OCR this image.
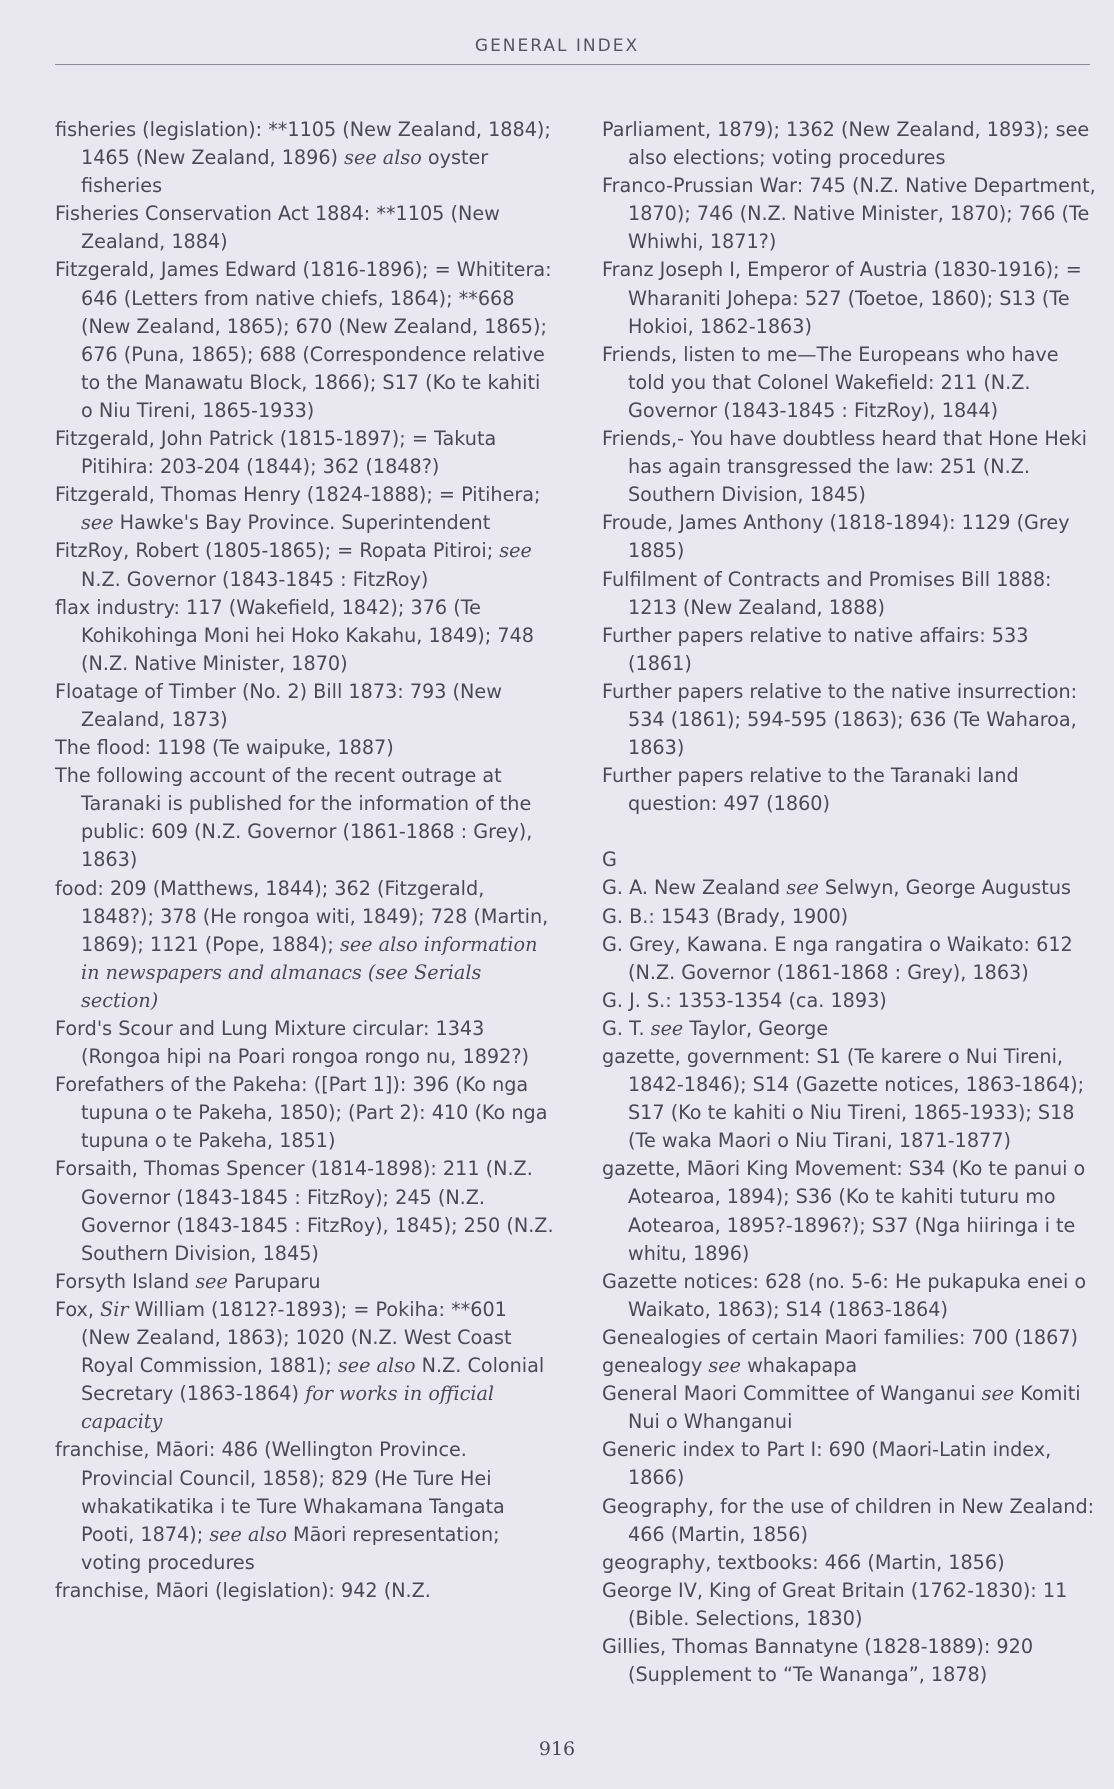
GENERAL INDEX
fisheries (legislation): **1105 (New Zealand, 1884); 1465 (New Zealand, 1896) see also oyster fisheries
Fisheries Conservation Act 1884: **1105 (New Zealand, 1884)
Fitzgerald, James Edward (1816-1896); = Whititera: 646 (Letters from native chiefs, 1864); **668 (New Zealand, 1865); 670 (New Zealand, 1865); 676 (Puna, 1865); 688 (Correspondence relative to the Manawatu Block, 1866); S17 (Ko te kahiti o Niu Tireni, 1865-1933)
Fitzgerald, John Patrick (1815-1897); = Takuta Pitihira: 203-204 (1844); 362 (1848?)
Fitzgerald, Thomas Henry (1824-1888); = Pitihera; see Hawke's Bay Province. Superintendent
FitzRoy, Robert (1805-1865); = Ropata Pitiroi; see N.Z. Governor (1843-1845 : FitzRoy)
flax industry: 117 (Wakefield, 1842); 376 (Te Kohikohinga Moni hei Hoko Kakahu, 1849); 748 (N.Z. Native Minister, 1870)
Floatage of Timber (No. 2) Bill 1873: 793 (New Zealand, 1873)
The flood: 1198 (Te waipuke, 1887)
The following account of the recent outrage at Taranaki is published for the information of the public: 609 (N.Z. Governor (1861-1868 : Grey), 1863)
food: 209 (Matthews, 1844); 362 (Fitzgerald, 1848?); 378 (He rongoa witi, 1849); 728 (Martin, 1869); 1121 (Pope, 1884); see also information in newspapers and almanacs (see Serials section)
Ford's Scour and Lung Mixture circular: 1343 (Rongoa hipi na Poari rongoa rongo nu, 1892?)
Forefathers of the Pakeha: ([Part 1]): 396 (Ko nga tupuna o te Pakeha, 1850); (Part 2): 410 (Ko nga tupuna o te Pakeha, 1851)
Forsaith, Thomas Spencer (1814-1898): 211 (N.Z. Governor (1843-1845 : FitzRoy); 245 (N.Z. Governor (1843-1845 : FitzRoy), 1845); 250 (N.Z. Southern Division, 1845)
Forsyth Island see Paruparu
Fox, Sir William (1812?-1893); = Pokiha: **601 (New Zealand, 1863); 1020 (N.Z. West Coast Royal Commission, 1881); see also N.Z. Colonial Secretary (1863-1864) for works in official capacity
franchise, Māori: 486 (Wellington Province. Provincial Council, 1858); 829 (He Ture Hei whakatikatika i te Ture Whakamana Tangata Pooti, 1874); see also Māori representation; voting procedures
franchise, Māori (legislation): 942 (N.Z.
Parliament, 1879); 1362 (New Zealand, 1893); see also elections; voting procedures
Franco-Prussian War: 745 (N.Z. Native Department, 1870); 746 (N.Z. Native Minister, 1870); 766 (Te Whiwhi, 1871?)
Franz Joseph I, Emperor of Austria (1830-1916); = Wharaniti Johepa: 527 (Toetoe, 1860); S13 (Te Hokioi, 1862-1863)
Friends, listen to me—The Europeans who have told you that Colonel Wakefield: 211 (N.Z. Governor (1843-1845 : FitzRoy), 1844)
Friends,- You have doubtless heard that Hone Heki has again transgressed the law: 251 (N.Z. Southern Division, 1845)
Froude, James Anthony (1818-1894): 1129 (Grey 1885)
Fulfilment of Contracts and Promises Bill 1888: 1213 (New Zealand, 1888)
Further papers relative to native affairs: 533 (1861)
Further papers relative to the native insurrection: 534 (1861); 594-595 (1863); 636 (Te Waharoa, 1863)
Further papers relative to the Taranaki land question: 497 (1860)
G
G. A. New Zealand see Selwyn, George Augustus
G. B.: 1543 (Brady, 1900)
G. Grey, Kawana. E nga rangatira o Waikato: 612 (N.Z. Governor (1861-1868 : Grey), 1863)
G. J. S.: 1353-1354 (ca. 1893)
G. T. see Taylor, George
gazette, government: S1 (Te karere o Nui Tireni, 1842-1846); S14 (Gazette notices, 1863-1864); S17 (Ko te kahiti o Niu Tireni, 1865-1933); S18 (Te waka Maori o Niu Tirani, 1871-1877)
gazette, Māori King Movement: S34 (Ko te panui o Aotearoa, 1894); S36 (Ko te kahiti tuturu mo Aotearoa, 1895?-1896?); S37 (Nga hiiringa i te whitu, 1896)
Gazette notices: 628 (no. 5-6: He pukapuka enei o Waikato, 1863); S14 (1863-1864)
Genealogies of certain Maori families: 700 (1867)
genealogy see whakapapa
General Maori Committee of Wanganui see Komiti Nui o Whanganui
Generic index to Part I: 690 (Maori-Latin index, 1866)
Geography, for the use of children in New Zealand: 466 (Martin, 1856)
geography, textbooks: 466 (Martin, 1856)
George IV, King of Great Britain (1762-1830): 11 (Bible. Selections, 1830)
Gillies, Thomas Bannatyne (1828-1889): 920 (Supplement to “Te Wananga”, 1878)
916
